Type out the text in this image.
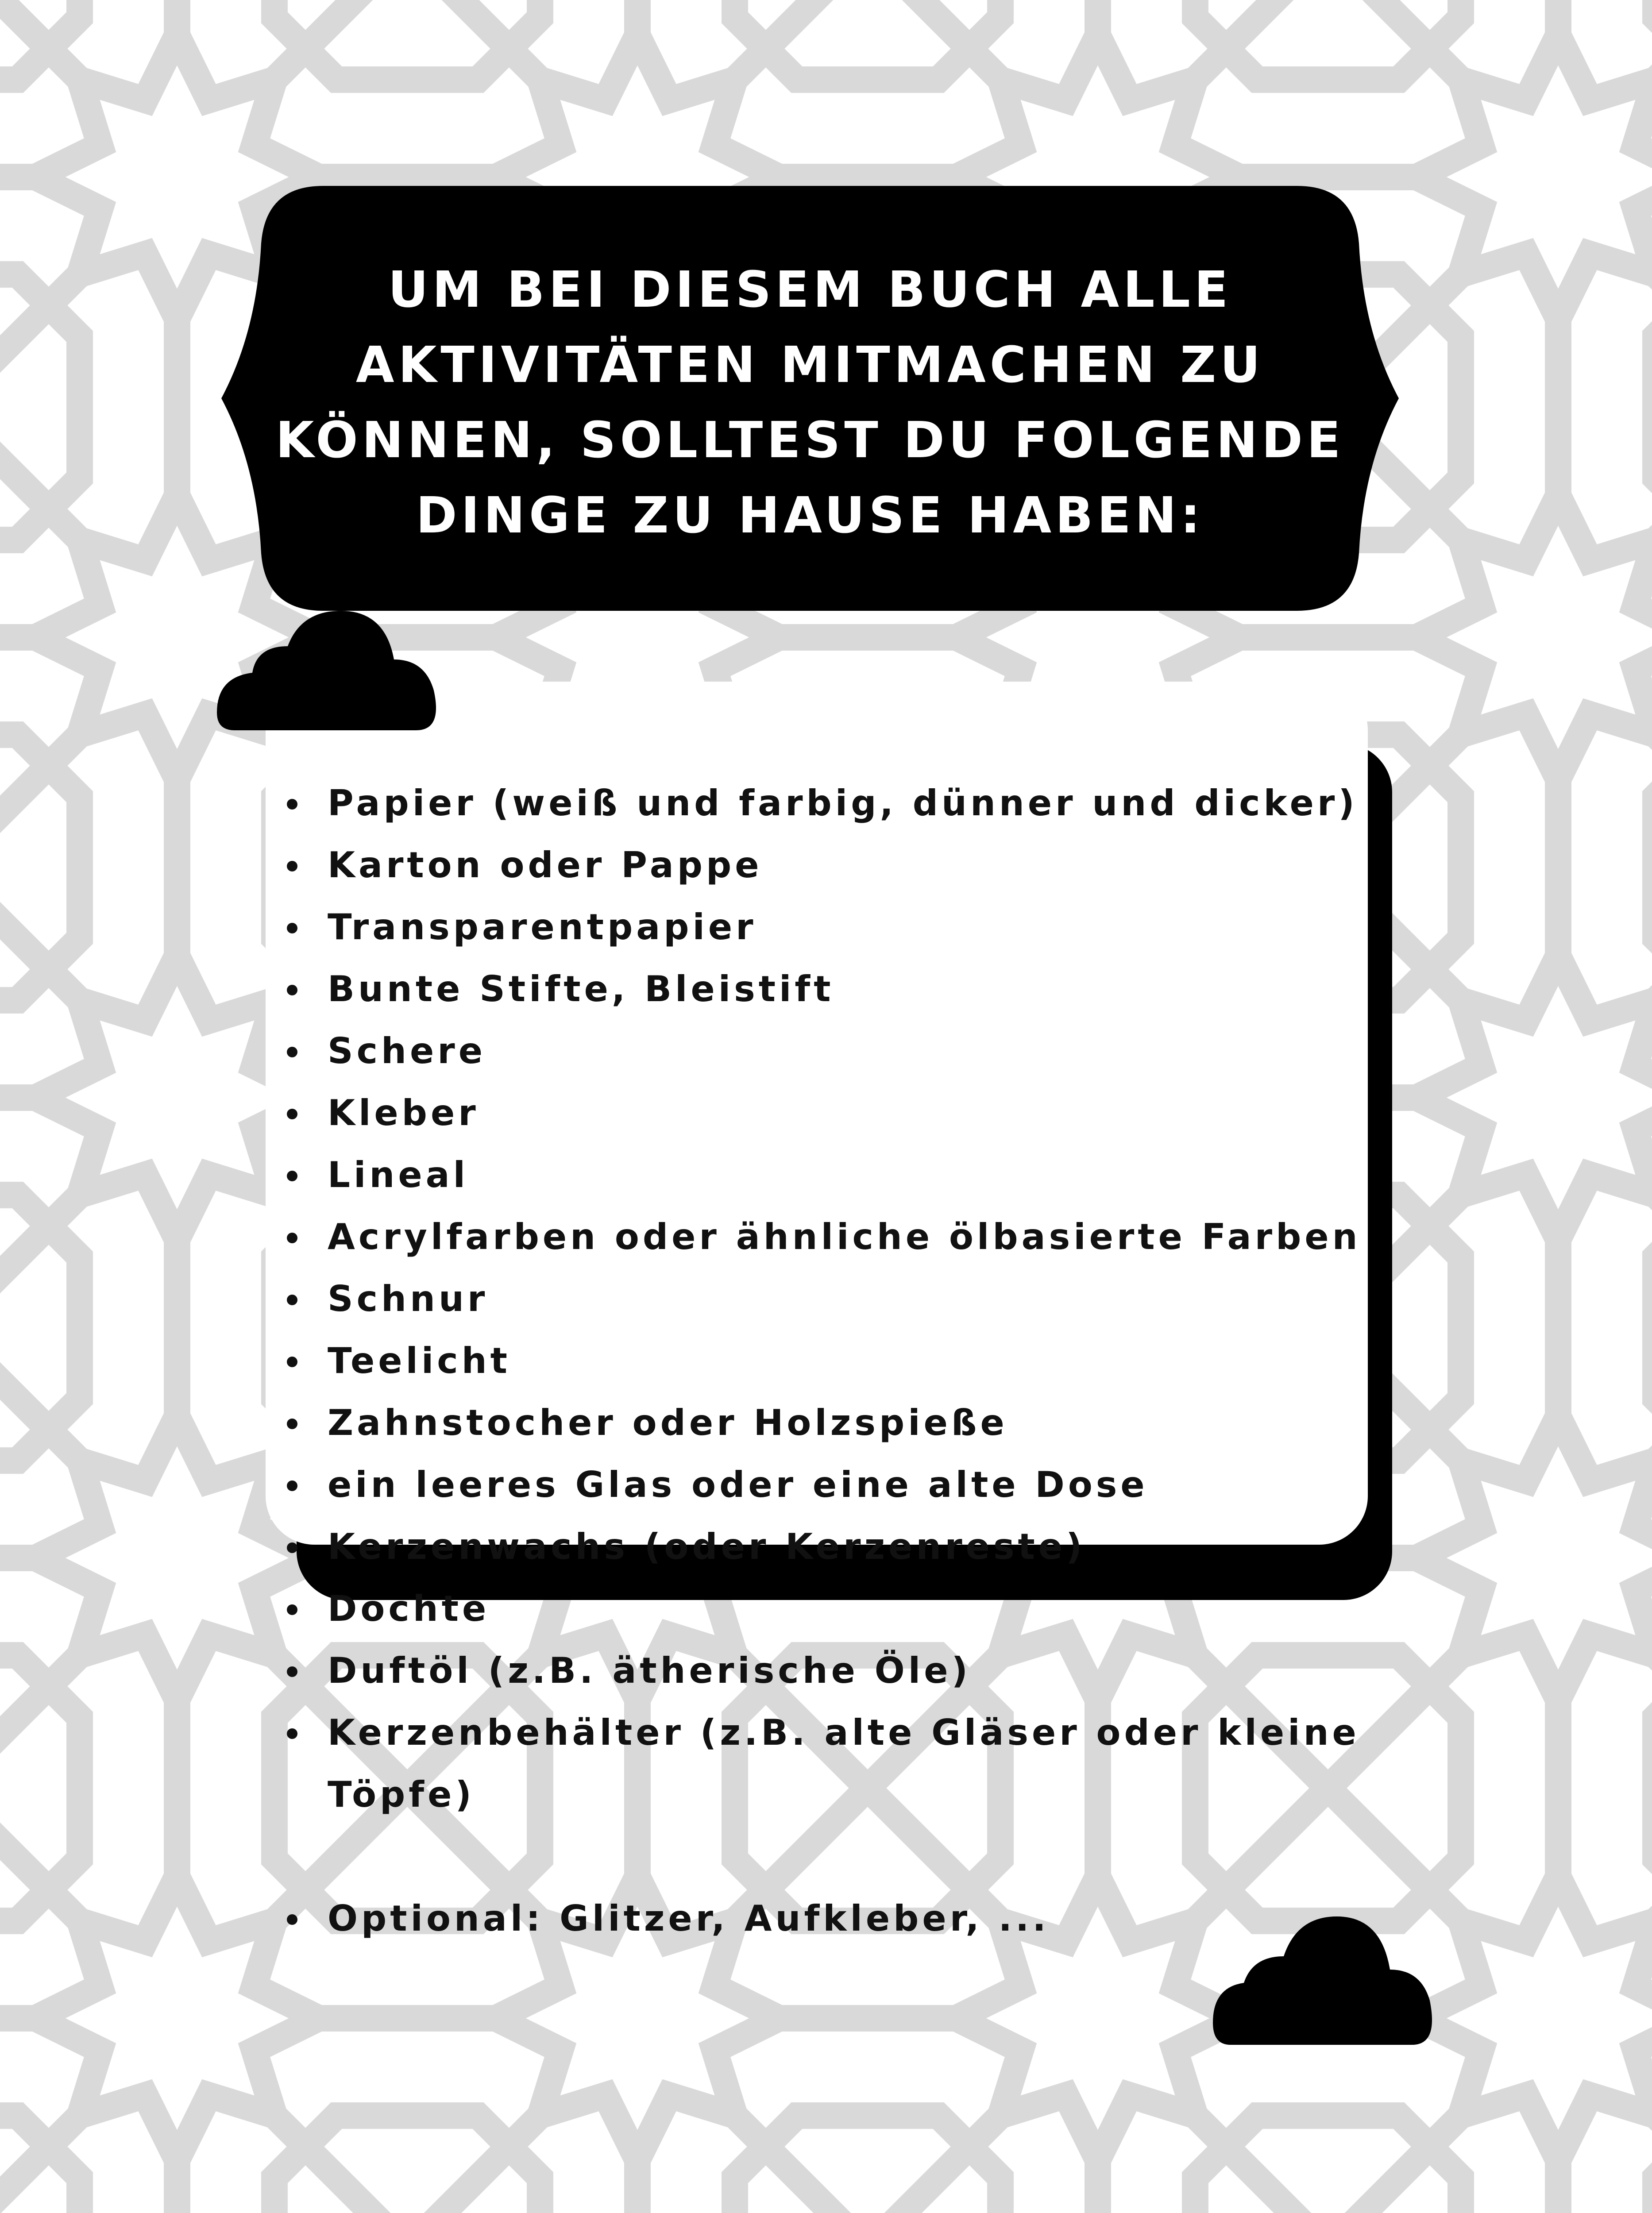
UM BEI DIESEM BUCH ALLE
AKTIVITÄTEN MITMACHEN ZU
KÖNNEN, SOLLTEST DU FOLGENDE
DINGE ZU HAUSE HABEN:
Papier (weiß und farbig, dünner und dicker)
Karton oder Pappe
Transparentpapier
Bunte Stifte, Bleistift
Schere
Kleber
Lineal
Acrylfarben oder ähnliche ölbasierte Farben
Schnur
Teelicht
Zahnstocher oder Holzspieße
ein leeres Glas oder eine alte Dose
Kerzenwachs (oder Kerzenreste)
Dochte
Duftöl (z.B. ätherische Öle)
Kerzenbehälter (z.B. alte Gläser oder kleine Töpfe)
Optional: Glitzer, Aufkleber, ...
